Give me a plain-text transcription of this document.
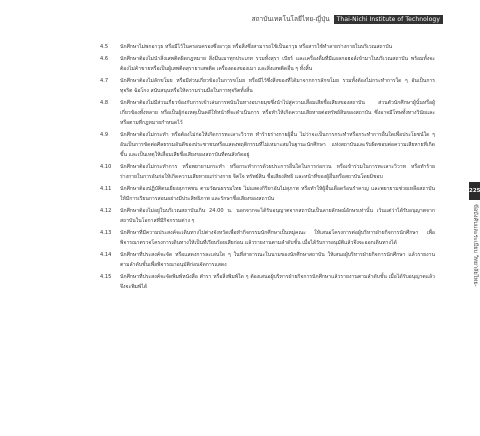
สถาบันเทคโนโลยีไทย-ญี่ปุ่น	Thai-Nichi Institute of Technology
4.5	นักศึกษาไม่พกอาวุธ หรือมีไว้ในครอบครองซึ่งอาวุธ หรือสิ่งซึ่งสามารถใช้เป็นอาวุธ หรือสารใช้ทำลายร่างกายในบริเวณสถาบัน
4.6	นักศึกษาต้องไม่นำสิ่งเสพติดผิดกฎหมาย สิ่งมึนเมาทุกประเภท รวมทั้งสุรา เบียร์ และเครื่องดื่มที่มีแอลกอฮอล์เข้ามาในบริเวณสถาบัน พร้อมทั้งจะต้องไม่ค้าขายหรือเป็นผู้เสพติดสุรายาเสพติด เครื่องดองของเมา และสิ่งเสพติดอื่น ๆ ทั้งสิ้น
4.7	นักศึกษาต้องไม่ลักขโมย หรือมีส่วนเกี่ยวข้องในการขโมย หรือมีไว้ซึ่งสิ่งของที่ได้มาจากการลักขโมย รวมทั้งต้องไม่กระทำการใด ๆ อันเป็นการทุจริต ฉ้อโกง สนับสนุนหรือให้ความร่วมมือในการทุจริตทั้งสิ้น
4.8	นักศึกษาต้องไม่มีส่วนเกี่ยวข้องกับการเข้าเล่นการพนันในทางอบายมุขซึ่งนำไปสู่ความเสื่อมเสียชื่อเสียงของสถาบัน ส่วนตัวนักศึกษาผู้นั้นหรือผู้เกี่ยวข้องทั้งหลาย หรือเป็นผู้ก่อเหตุเป็นคดีให้หน้าที่จะดำเนินการ หรือทำให้เกิดความเสียหายต่อทรัพย์สินของสถาบัน ซึ่งอาจมีโทษทั้งทางวินัยและ หรือตามที่กฎหมายกำหนดไว้
4.9	นักศึกษาต้องไม่กระทำ หรือต้องไม่ก่อให้เกิดการทะเลาะวิวาท ทำร้ายร่างกายผู้อื่น ไม่ว่าจะเป็นการกระทำหรือกระทำการอื่นใดเพื่อประโยชน์ใด ๆ อันเป็นการขัดต่อศีลธรรมอันดีของประชาชนหรือแสดงพฤติกรรมที่ไม่เหมาะสมในฐานะนักศึกษา แห่งสถาบันและรับผิดชอบต่อความเสียหายที่เกิดขึ้น และเป็นเหตุให้เสื่อมเสียชื่อเสียงของสถาบันที่ตนสังกัดอยู่
4.10	นักศึกษาต้องไม่กระทำการ หรือพยายามกระทำ หรือกระทำการด้วยประการอื่นใดในการก่อกวน หรือเข้าร่วมในการทะเลาะวิวาท หรือทำร้ายร่างกายในการอันก่อให้เกิดความเสียหายแก่ร่างกาย จิตใจ ทรัพย์สิน ชื่อเสียงสิทธิ และหน้าที่ของผู้อื่นหรือสถาบันโดยมิชอบ
4.11	นักศึกษาต้องปฏิบัติตนเยี่ยงสุภาพชน ตามวัฒนธรรมไทย ไม่แสดงกิริยาอันไม่สุภาพ หรือทำให้ผู้อื่นเดือดร้อนรำคาญ และพยายามช่วยเหลือสถาบันให้มีการเรียนการสอนอย่างมีประสิทธิภาพ และรักษาชื่อเสียงของสถาบัน
4.12	นักศึกษาต้องไม่อยู่ในบริเวณสถาบันเกิน 24.00 น. นอกจากจะได้รับอนุญาตจากสถาบันเป็นลายลักษณ์อักษรเท่านั้น เว้นแต่ว่าได้รับอนุญาตจากสถาบันในโอกาสที่มีกิจกรรมต่าง ๆ
4.13	นักศึกษาที่มีความประสงค์จะเดินทางไปต่างจังหวัดเพื่อทำกิจกรรมนักศึกษาเป็นหมู่คณะ ให้เสนอโครงการต่อผู้บริหารฝ่ายกิจการนักศึกษา เพื่อพิจารณาตรวจโครงการเดินทางให้เป็นที่เรียบร้อยเสียก่อน แล้วรายงานตามลำดับชั้น เมื่อได้รับการอนุมัติแล้วจึงจะออกเดินทางได้
4.14	นักศึกษาที่ประสงค์จะจัด หรือแสดงการละเล่นใด ๆ ในที่สาธารณะในนามของนักศึกษาสถาบัน ให้เสนอผู้บริหารฝ่ายกิจการนักศึกษา แล้วรายงานตามลำดับชั้นเพื่อพิจารณาอนุมัติก่อนจัดการแสดง
4.15	นักศึกษาที่ประสงค์จะจัดพิมพ์หนังสือ ตำรา หรือสิ่งพิมพ์ใด ๆ ต้องเสนอผู้บริหารฝ่ายกิจการนักศึกษาแล้วรายงานตามลำดับชั้น เมื่อได้รับอนุญาตแล้วจึงจะพิมพ์ได้
225
ข้อบังคับและระเบียบ วิทยาลัยไทย-
